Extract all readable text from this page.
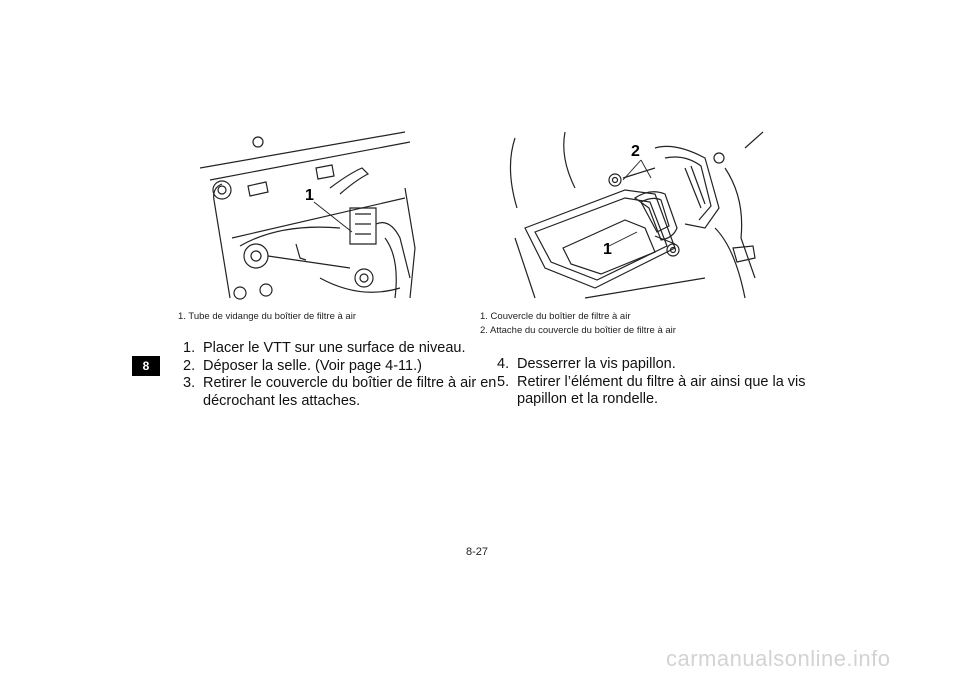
8
1
1. Tube de vidange du boîtier de filtre à air
1. Placer le VTT sur une surface de niveau.
2. Déposer la selle. (Voir page 4-11.)
3. Retirer le couvercle du boîtier de filtre à air en
décrochant les attaches.
2
1
1. Couvercle du boîtier de filtre à air
2. Attache du couvercle du boîtier de filtre à air
4. Desserrer la vis papillon.
5. Retirer l’élément du filtre à air ainsi que la vis
papillon et la rondelle.
8-27
carmanualsonline.info
